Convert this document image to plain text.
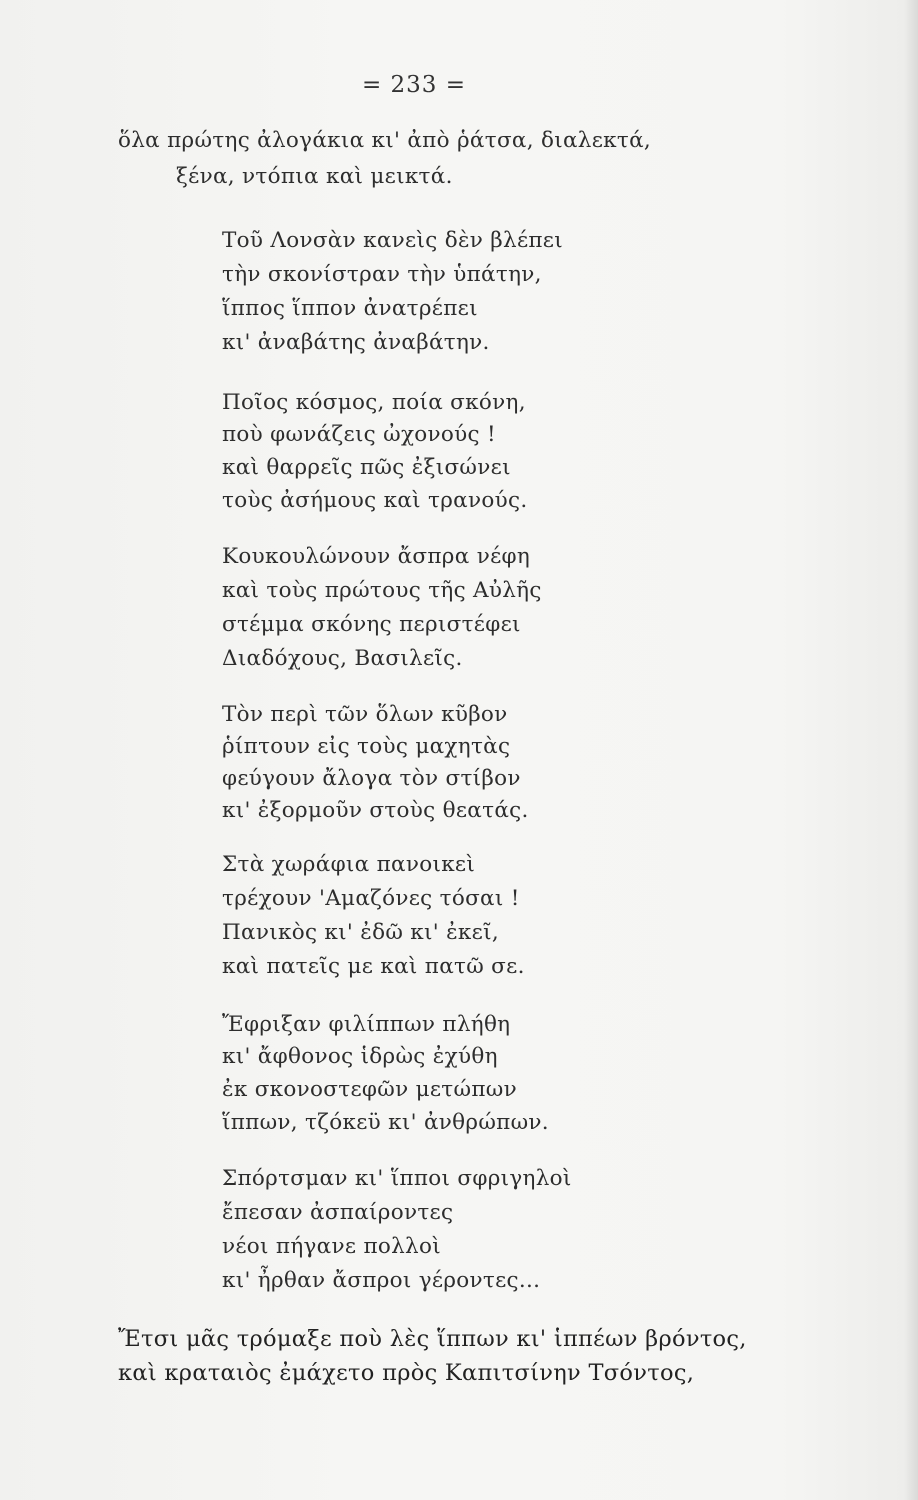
= 233 =
ὅλα πρώτης ἀλογάκια κι' ἀπὸ ῥάτσα, διαλεκτά,
ξένα, ντόπια καὶ μεικτά.
Τοῦ Λονσὰν κανεὶς δὲν βλέπει
τὴν σκονίστραν τὴν ὑπάτην,
ἵππος ἵππον ἀνατρέπει
κι' ἀναβάτης ἀναβάτην.
Ποῖος κόσμος, ποία σκόνη,
ποὺ φωνάζεις ὠχονούς !
καὶ θαρρεῖς πῶς ἐξισώνει
τοὺς ἀσήμους καὶ τρανούς.
Κουκουλώνουν ἄσπρα νέφη
καὶ τοὺς πρώτους τῆς Αὐλῆς
στέμμα σκόνης περιστέφει
Διαδόχους, Βασιλεῖς.
Τὸν περὶ τῶν ὅλων κῦβον
ῥίπτουν εἰς τοὺς μαχητὰς
φεύγουν ἄλογα τὸν στίβον
κι' ἐξορμοῦν στοὺς θεατάς.
Στὰ χωράφια πανοικεὶ
τρέχουν 'Αμαζόνες τόσαι !
Πανικὸς κι' ἐδῶ κι' ἐκεῖ,
καὶ πατεῖς με καὶ πατῶ σε.
Ἔφριξαν φιλίππων πλήθη
κι' ἄφθονος ἱδρὼς ἐχύθη
ἐκ σκονοστεφῶν μετώπων
ἵππων, τζόκεϋ κι' ἀνθρώπων.
Σπόρτσμαν κι' ἵπποι σφριγηλοὶ
ἔπεσαν ἀσπαίροντες
νέοι πήγανε πολλοὶ
κι' ἦρθαν ἄσπροι γέροντες...
Ἔτσι μᾶς τρόμαξε ποὺ λὲς ἵππων κι' ἱππέων βρόντος,
καὶ κραταιὸς ἐμάχετο πρὸς Καπιτσίνην Τσόντος,
